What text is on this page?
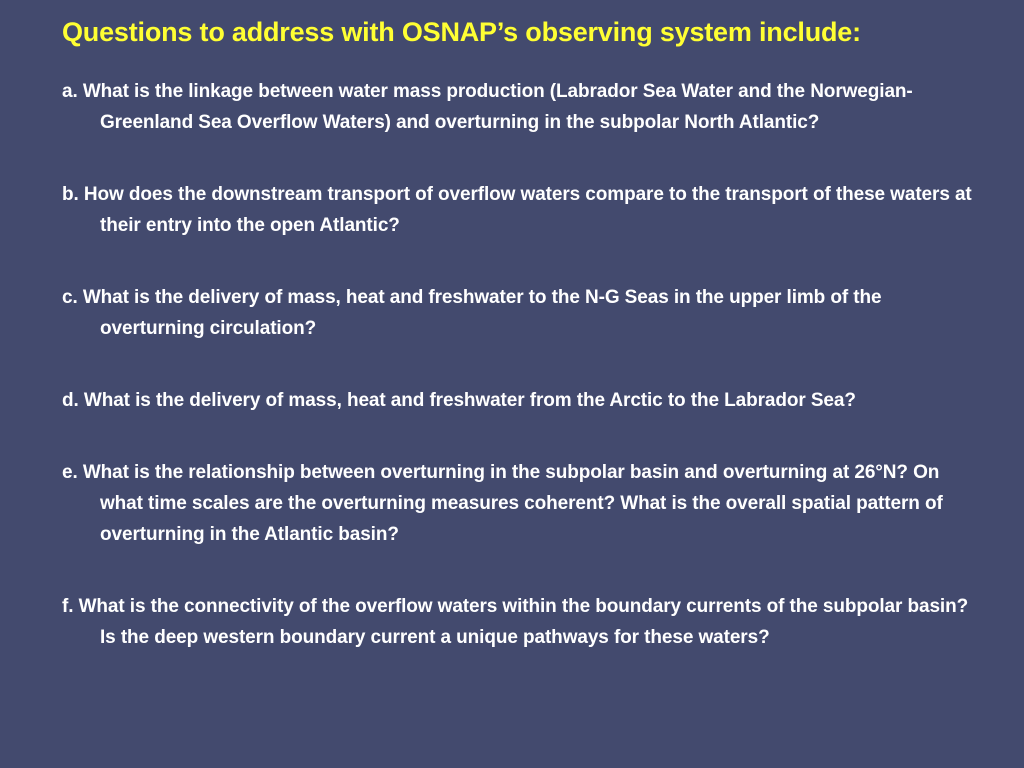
Questions to address with OSNAP’s observing system include:

a. What is the linkage between water mass production (Labrador Sea Water and the Norwegian-Greenland Sea Overflow Waters) and overturning in the subpolar North Atlantic?

b. How does the downstream transport of overflow waters compare to the transport of these waters at their entry into the open Atlantic?

c. What is the delivery of mass, heat and freshwater to the N-G Seas in the upper limb of the overturning circulation?

d. What is the delivery of mass, heat and freshwater from the Arctic to the Labrador Sea?

e. What is the relationship between overturning in the subpolar basin and overturning at 26°N? On what time scales are the overturning measures coherent? What is the overall spatial pattern of overturning in the Atlantic basin?

f. What is the connectivity of the overflow waters within the boundary currents of the subpolar basin? Is the deep western boundary current a unique pathways for these waters?
